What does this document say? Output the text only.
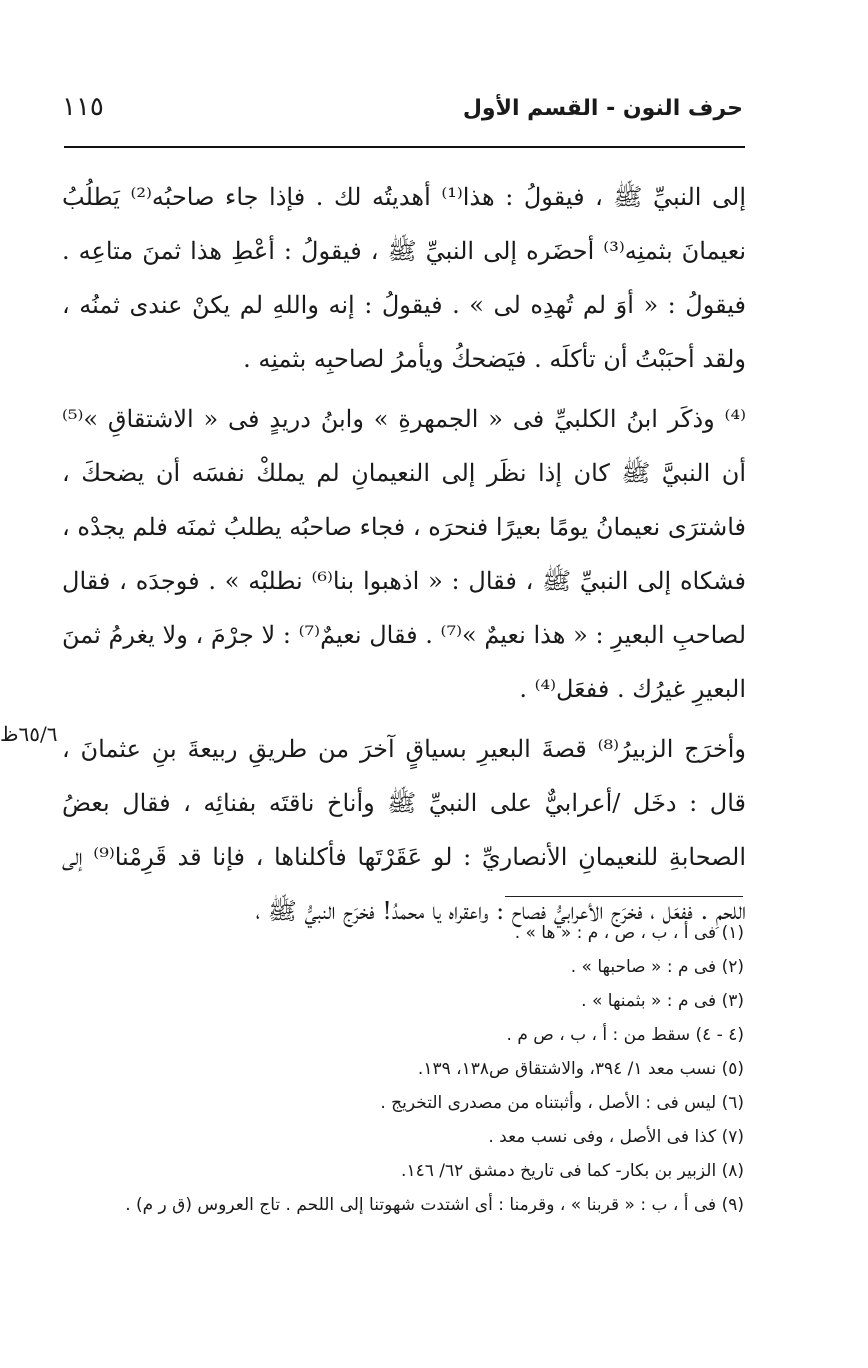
حرف النون - القسم الأول
١١٥

إلى النبيِّ ﷺ ، فيقولُ : هذا⁽¹⁾ أهديتُه لك . فإذا جاء صاحبُه⁽²⁾ يَطلُبُ نعيمانَ بثمنِه⁽³⁾ أحضَره إلى النبيِّ ﷺ ، فيقولُ : أعْطِ هذا ثمنَ متاعِه . فيقولُ : « أوَ لم تُهدِه لى » . فيقولُ : إنه واللهِ لم يكنْ عندى ثمنُه ، ولقد أحبَبْتُ أن تأكلَه . فيَضحكُ ويأمرُ لصاحبِه بثمنِه .

⁽⁴⁾ وذكَر ابنُ الكلبيِّ فى « الجمهرةِ » وابنُ دريدٍ فى « الاشتقاقِ »⁽⁵⁾ أن النبيَّ ﷺ كان إذا نظَر إلى النعيمانِ لم يملكْ نفسَه أن يضحكَ ، فاشترَى نعيمانُ يومًا بعيرًا فنحرَه ، فجاء صاحبُه يطلبُ ثمنَه فلم يجدْه ، فشكاه إلى النبيِّ ﷺ ، فقال : « اذهبوا بنا⁽⁶⁾ نطلبْه » . فوجدَه ، فقال لصاحبِ البعيرِ : « هذا نعيمٌ »⁽⁷⁾ . فقال نعيمٌ⁽⁷⁾ : لا جرْمَ ، ولا يغرمُ ثمنَ البعيرِ غيرُك . ففعَل⁽⁴⁾ .

وأخرَج الزبيرُ⁽⁸⁾ قصةَ البعيرِ بسياقٍ آخرَ من طريقِ ربيعةَ بنِ عثمانَ ، قال : دخَل /أعرابيٌّ على النبيِّ ﷺ وأناخ ناقتَه بفنائِه ، فقال بعضُ الصحابةِ للنعيمانِ الأنصاريِّ : لو عَقَرْتَها فأكلناها ، فإنا قد قَرِمْنا⁽⁹⁾ إلى اللحمِ . ففعَل ، فخرَج الأعرابيُّ فصاح : واعقراه يا محمدُ! فخرَج النبيُّ ﷺ ،

٦٥/٦ظ
(١) فى أ ، ب ، ص ، م : « ها » .
(٢) فى م : « صاحبها » .
(٣) فى م : « بثمنها » .
(٤ - ٤) سقط من : أ ، ب ، ص م .
(٥) نسب معد ١/ ٣٩٤، والاشتقاق ص١٣٨، ١٣٩.
(٦) ليس فى : الأصل ، وأثبتناه من مصدرى التخريج .
(٧) كذا فى الأصل ، وفى نسب معد .
(٨) الزبير بن بكار- كما فى تاريخ دمشق ٦٢/ ١٤٦.
(٩) فى أ ، ب : « قربنا » ، وقرمنا : أى اشتدت شهوتنا إلى اللحم . تاج العروس (ق ر م) .
